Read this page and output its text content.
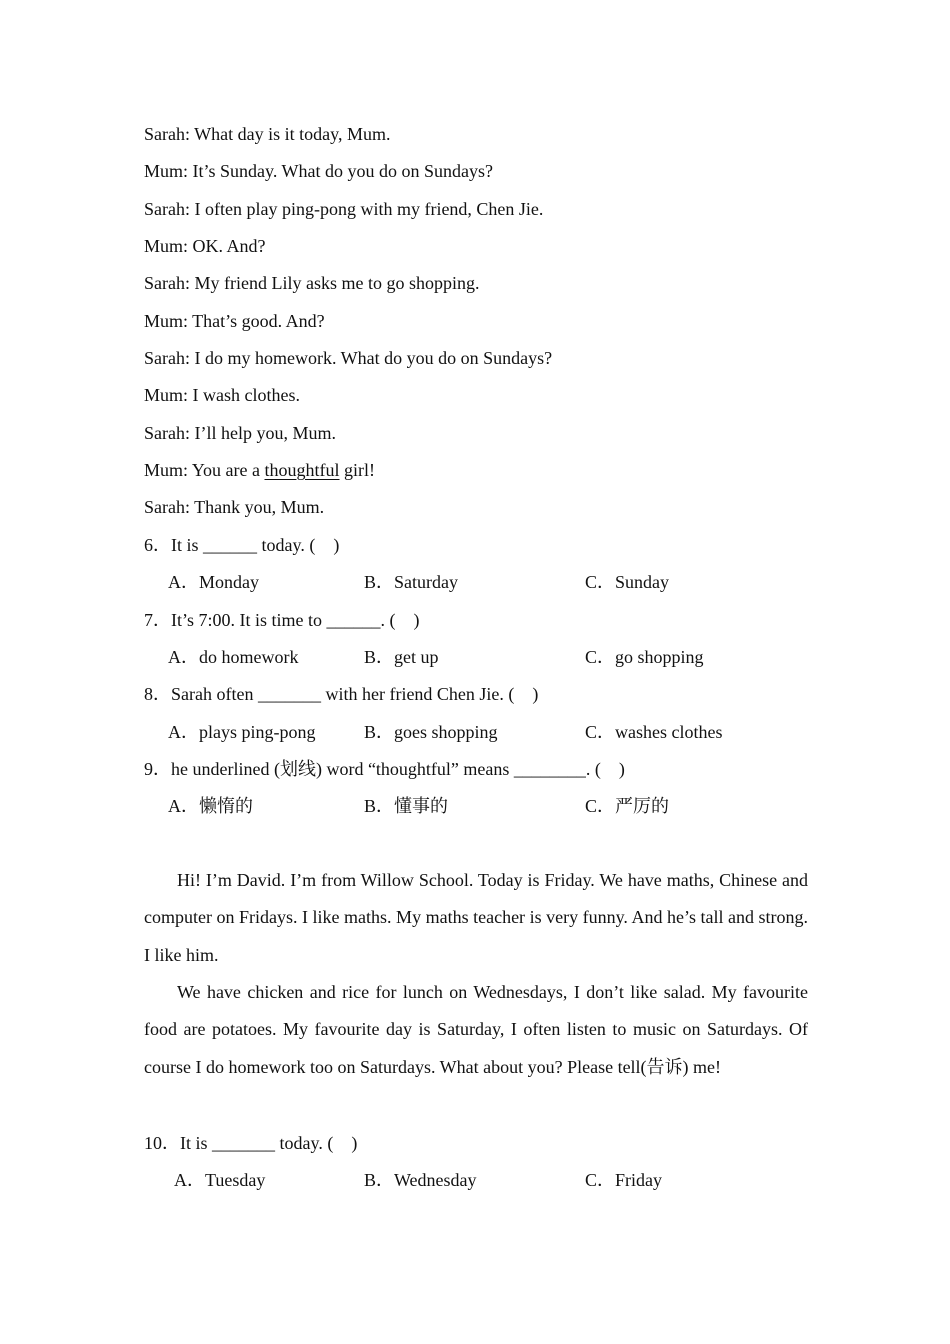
Sarah: What day is it today, Mum.
Mum: It’s Sunday. What do you do on Sundays?
Sarah: I often play ping-pong with my friend, Chen Jie.
Mum: OK. And?
Sarah: My friend Lily asks me to go shopping.
Mum: That’s good. And?
Sarah: I do my homework. What do you do on Sundays?
Mum: I wash clothes.
Sarah: I’ll help you, Mum.
Mum: You are a thoughtful girl!
Sarah: Thank you, Mum.
6．It is ______ today. (　)
A．Monday	B．Saturday	C．Sunday
7．It’s 7:00. It is time to ______. (　)
A．do homework	B．get up	C．go shopping
8．Sarah often _______ with her friend Chen Jie. (　)
A．plays ping-pong	B．goes shopping	C．washes clothes
9．he underlined (划线) word “thoughtful” means ________. (　)
A．懒惰的	B．懂事的	C．严厉的

Hi! I’m David. I’m from Willow School. Today is Friday. We have maths, Chinese and computer on Fridays. I like maths. My maths teacher is very funny. And he’s tall and strong. I like him.

We have chicken and rice for lunch on Wednesdays, I don’t like salad. My favourite food are potatoes. My favourite day is Saturday, I often listen to music on Saturdays. Of course I do homework too on Saturdays. What about you? Please tell(告诉) me!

10．It is _______ today. (　)
A．Tuesday	B．Wednesday	C．Friday
